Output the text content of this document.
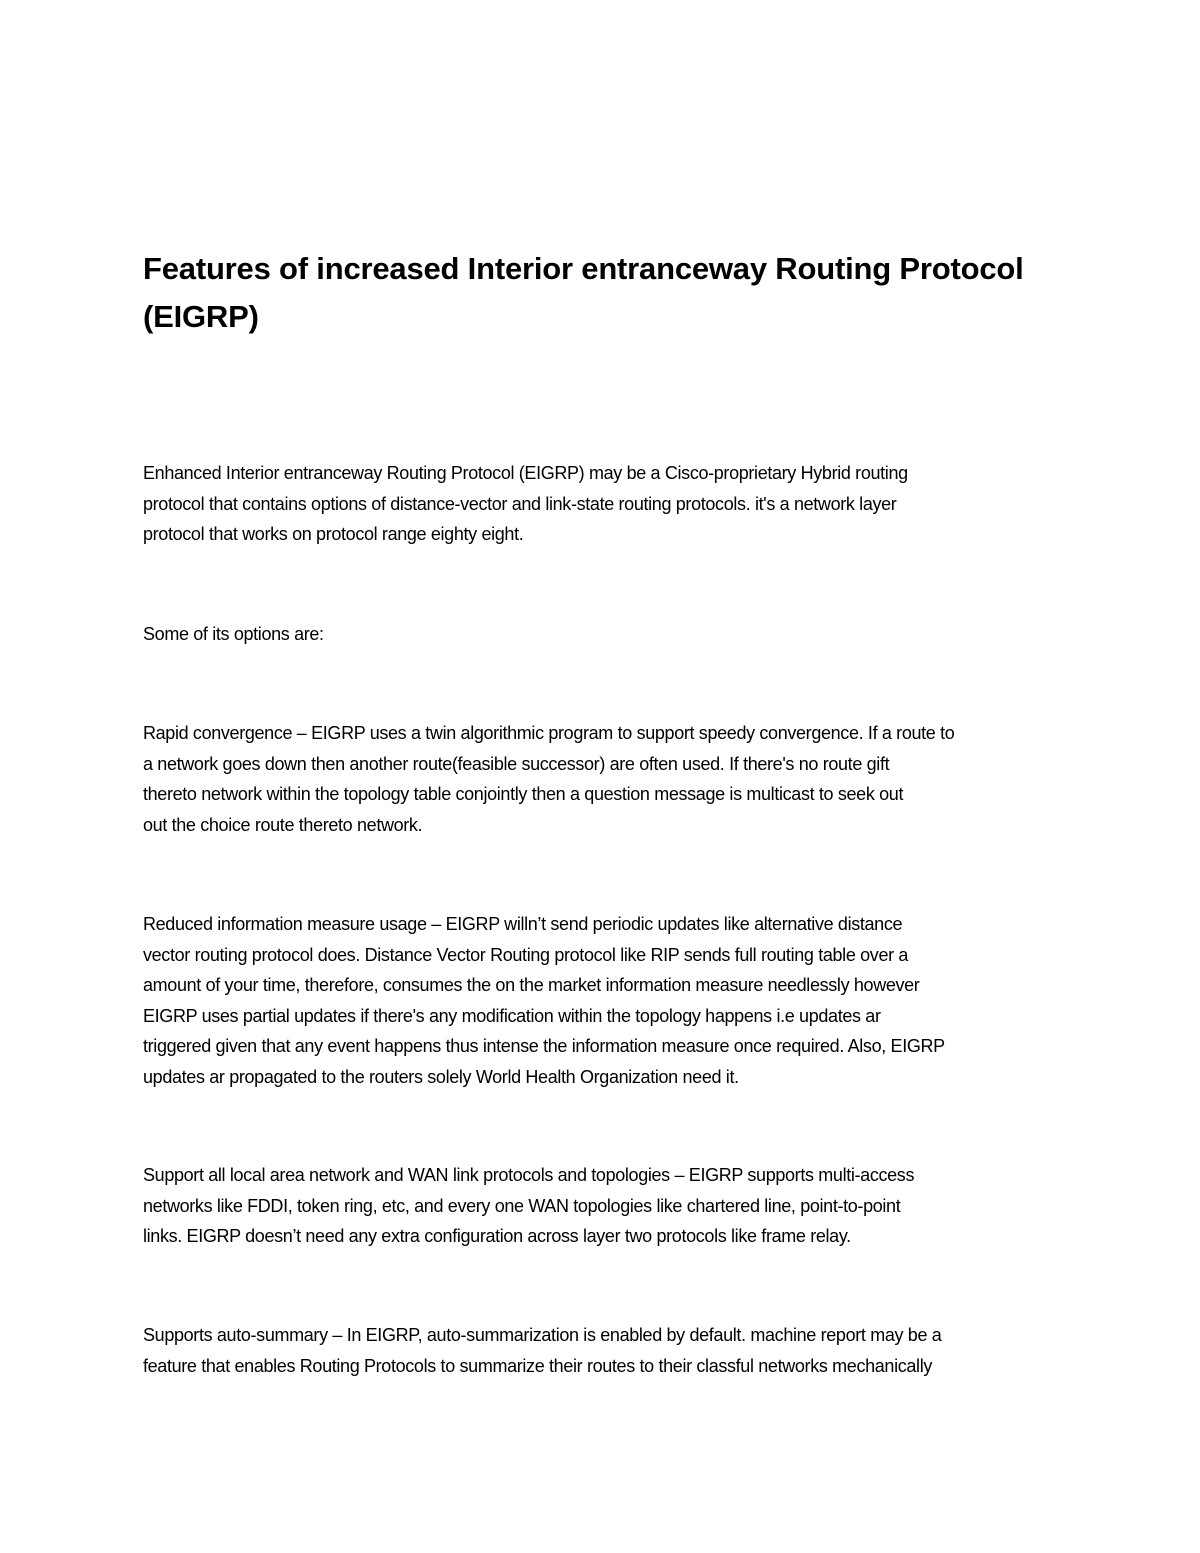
Features of increased Interior entranceway Routing Protocol
(EIGRP)

Enhanced Interior entranceway Routing Protocol (EIGRP) may be a Cisco-proprietary Hybrid routing
protocol that contains options of distance-vector and link-state routing protocols. it's a network layer
protocol that works on protocol range eighty eight.

Some of its options are:

Rapid convergence – EIGRP uses a twin algorithmic program to support speedy convergence. If a route to
a network goes down then another route(feasible successor) are often used. If there's no route gift
thereto network within the topology table conjointly then a question message is multicast to seek out
out the choice route thereto network.

Reduced information measure usage – EIGRP willn’t send periodic updates like alternative distance
vector routing protocol does. Distance Vector Routing protocol like RIP sends full routing table over a
amount of your time, therefore, consumes the on the market information measure needlessly however
EIGRP uses partial updates if there's any modification within the topology happens i.e updates ar
triggered given that any event happens thus intense the information measure once required. Also, EIGRP
updates ar propagated to the routers solely World Health Organization need it.

Support all local area network and WAN link protocols and topologies – EIGRP supports multi-access
networks like FDDI, token ring, etc, and every one WAN topologies like chartered line, point-to-point
links. EIGRP doesn’t need any extra configuration across layer two protocols like frame relay.

Supports auto-summary – In EIGRP, auto-summarization is enabled by default. machine report may be a
feature that enables Routing Protocols to summarize their routes to their classful networks mechanically
